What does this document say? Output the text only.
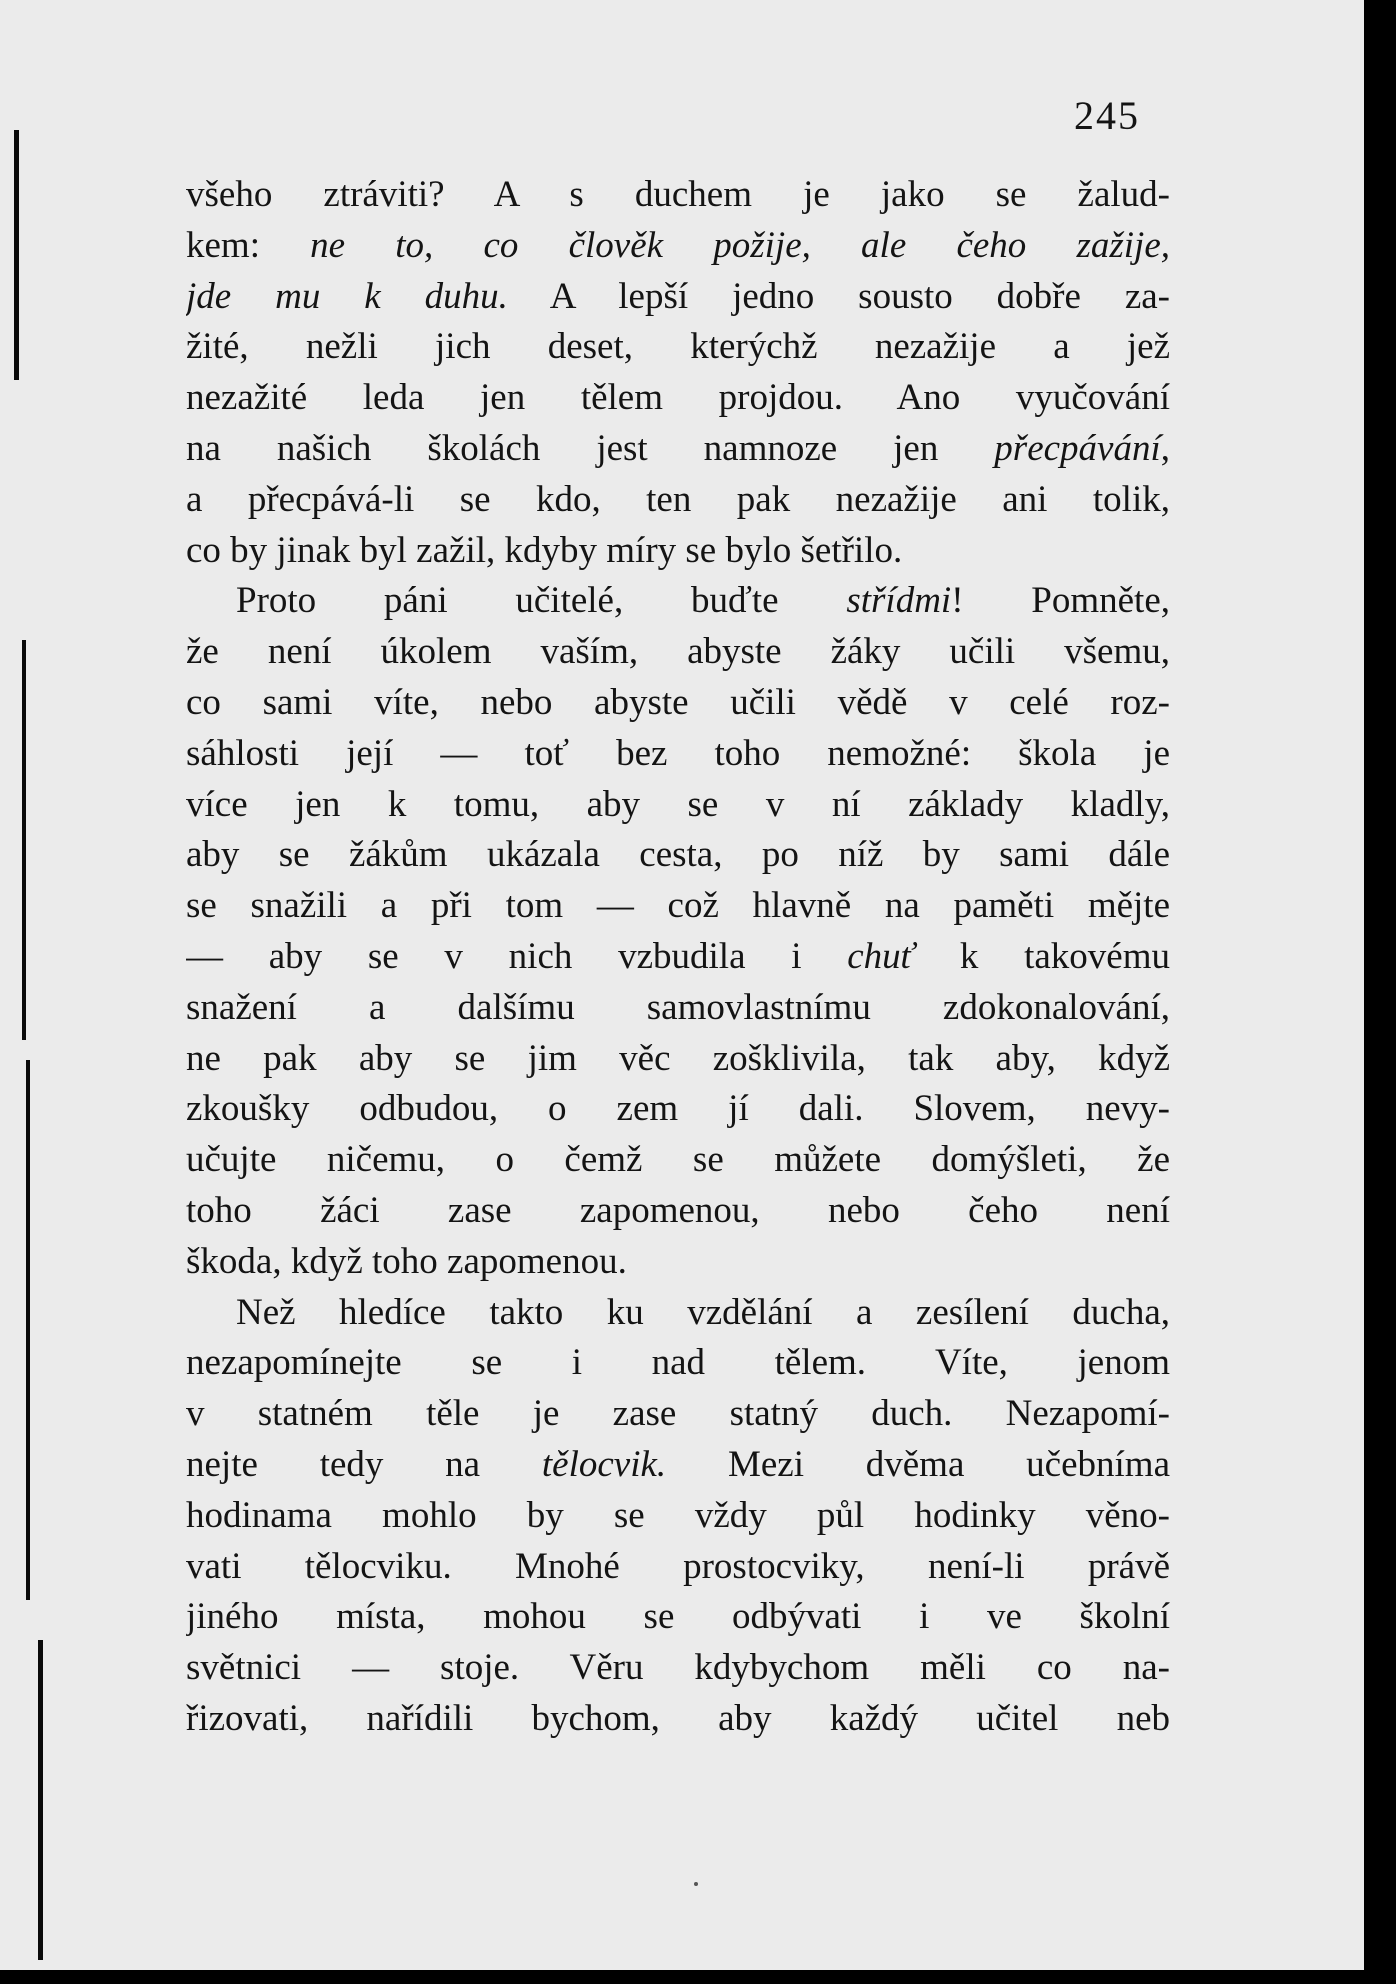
245
všeho ztráviti? A s duchem je jako se žalud-
kem: ne to, co člověk požije, ale čeho zažije,
jde mu k duhu. A lepší jedno sousto dobře za-
žité, nežli jich deset, kterýchž nezažije a jež
nezažité leda jen tělem projdou. Ano vyučování
na našich školách jest namnoze jen přecpávání,
a přecpává-li se kdo, ten pak nezažije ani tolik,
co by jinak byl zažil, kdyby míry se bylo šetřilo.
Proto páni učitelé, buďte střídmi! Pomněte,
že není úkolem vaším, abyste žáky učili všemu,
co sami víte, nebo abyste učili vědě v celé roz-
sáhlosti její — toť bez toho nemožné: škola je
více jen k tomu, aby se v ní základy kladly,
aby se žákům ukázala cesta, po níž by sami dále
se snažili a při tom — což hlavně na paměti mějte
— aby se v nich vzbudila i chuť k takovému
snažení a dalšímu samovlastnímu zdokonalování,
ne pak aby se jim věc zošklivila, tak aby, když
zkoušky odbudou, o zem jí dali. Slovem, nevy-
učujte ničemu, o čemž se můžete domýšleti, že
toho žáci zase zapomenou, nebo čeho není
škoda, když toho zapomenou.
Než hledíce takto ku vzdělání a zesílení ducha,
nezapomínejte se i nad tělem. Víte, jenom
v statném těle je zase statný duch. Nezapomí-
nejte tedy na tělocvik. Mezi dvěma učebníma
hodinama mohlo by se vždy půl hodinky věno-
vati tělocviku. Mnohé prostocviky, není-li právě
jiného místa, mohou se odbývati i ve školní
světnici — stoje. Věru kdybychom měli co na-
řizovati, nařídili bychom, aby každý učitel neb
